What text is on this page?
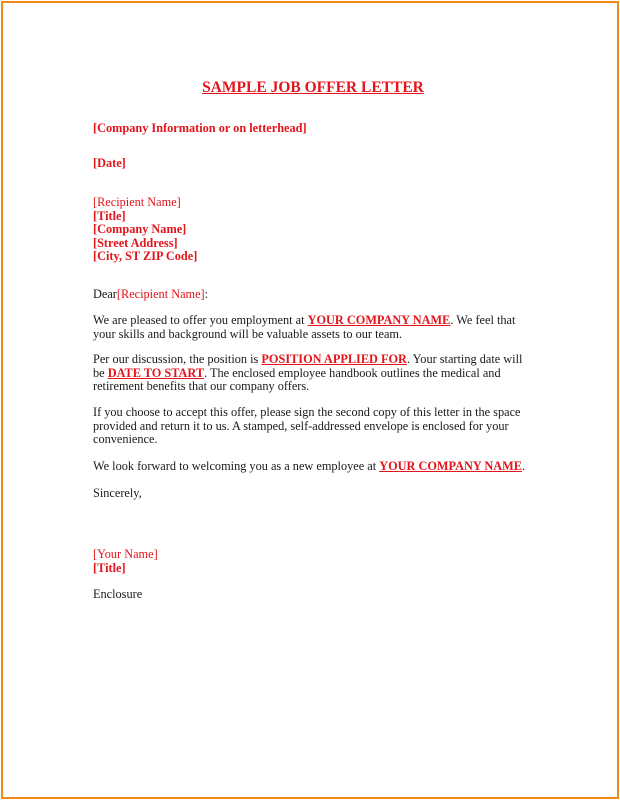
SAMPLE JOB OFFER LETTER
[Company Information or on letterhead]
[Date]
[Recipient Name]
[Title]
[Company Name]
[Street Address]
[City, ST ZIP Code]
Dear[Recipient Name]:
We are pleased to offer you employment at YOUR COMPANY NAME. We feel that
your skills and background will be valuable assets to our team.
Per our discussion, the position is POSITION APPLIED FOR. Your starting date will
be DATE TO START. The enclosed employee handbook outlines the medical and
retirement benefits that our company offers.
If you choose to accept this offer, please sign the second copy of this letter in the space
provided and return it to us. A stamped, self-addressed envelope is enclosed for your
convenience.
We look forward to welcoming you as a new employee at YOUR COMPANY NAME.
Sincerely,
[Your Name]
[Title]
Enclosure
